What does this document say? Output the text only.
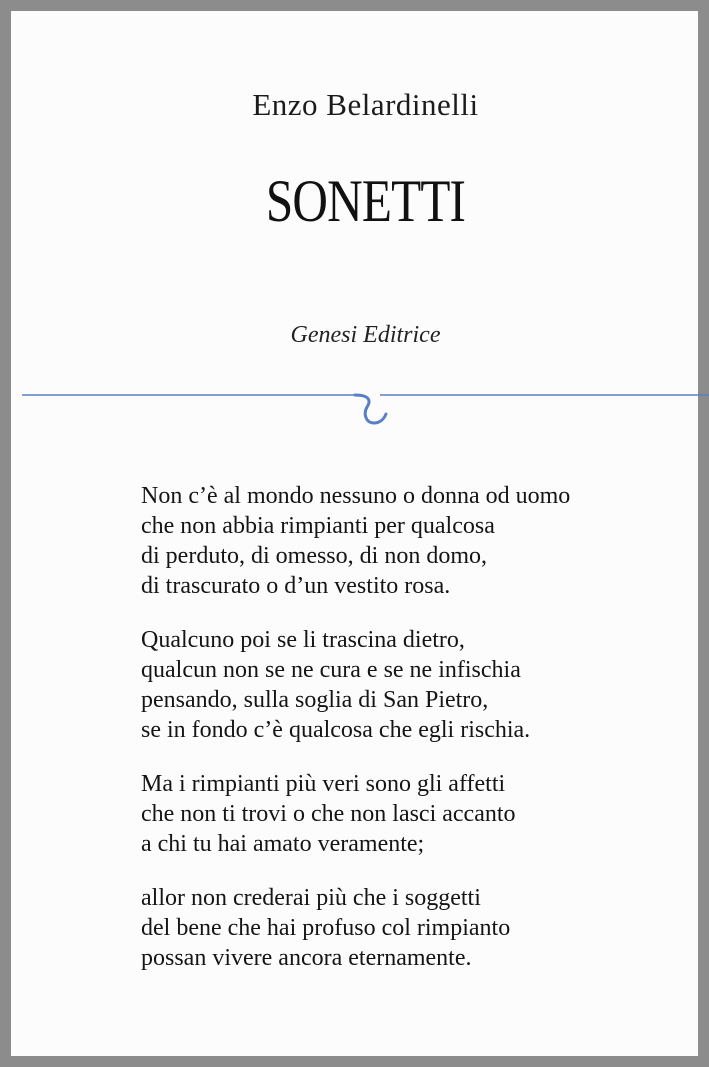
Enzo Belardinelli
SONETTI
Genesi Editrice
Non c’è al mondo nessuno o donna od uomo
che non abbia rimpianti per qualcosa
di perduto, di omesso, di non domo,
di trascurato o d’un vestito rosa.
Qualcuno poi se li trascina dietro,
qualcun non se ne cura e se ne infischia
pensando, sulla soglia di San Pietro,
se in fondo c’è qualcosa che egli rischia.
Ma i rimpianti più veri sono gli affetti
che non ti trovi o che non lasci accanto
a chi tu hai amato veramente;
allor non crederai più che i soggetti
del bene che hai profuso col rimpianto
possan vivere ancora eternamente.
